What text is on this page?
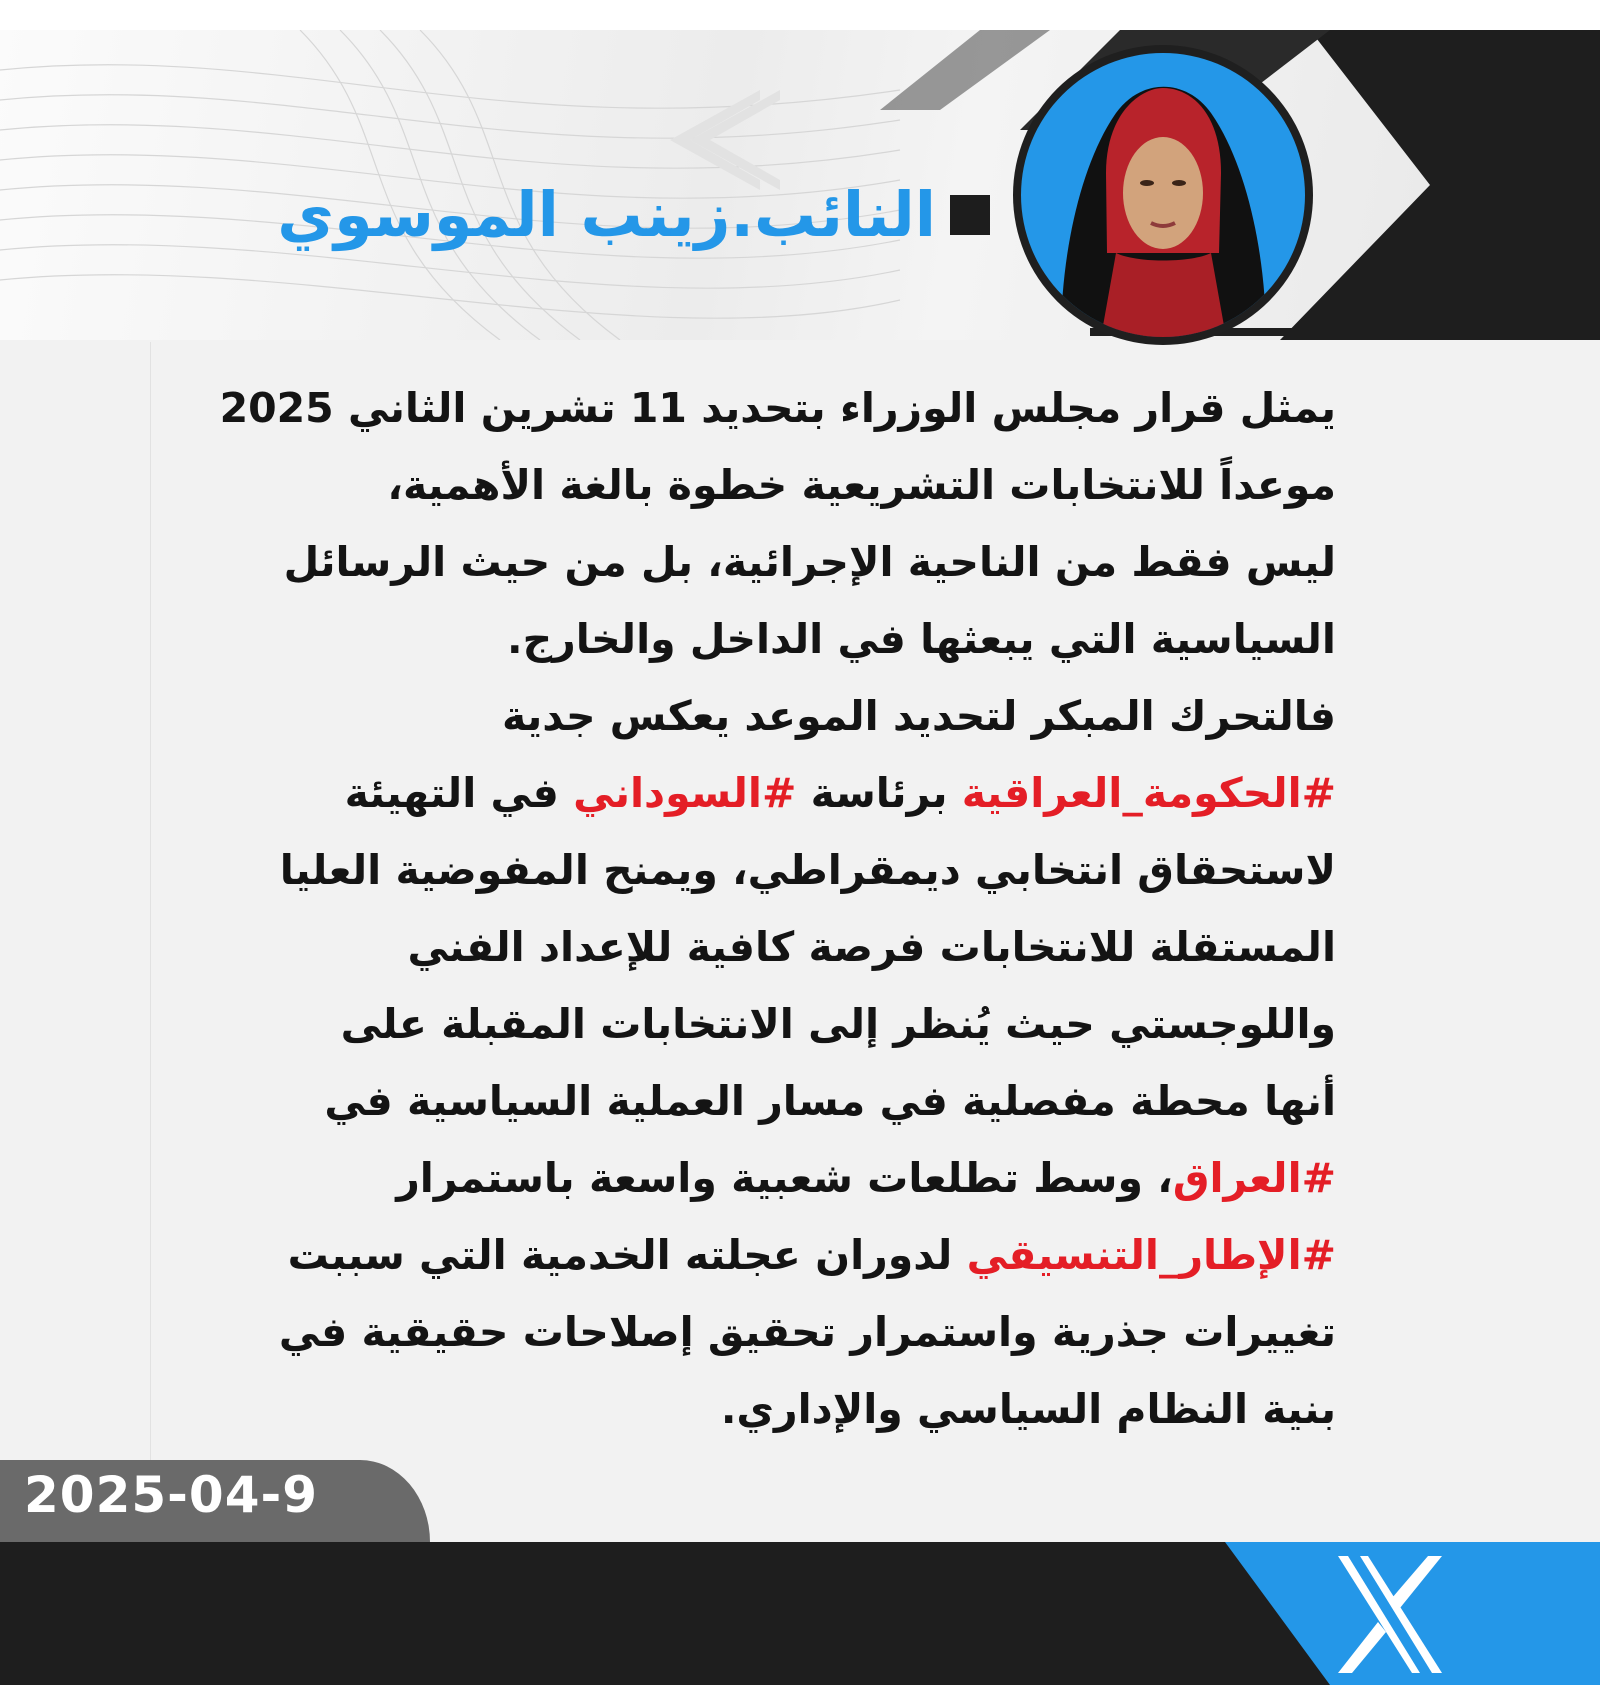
النائب.زينب الموسوي

يمثل قرار مجلس الوزراء بتحديد 11 تشرين الثاني 2025
موعداً للانتخابات التشريعية خطوة بالغة الأهمية،
ليس فقط من الناحية الإجرائية، بل من حيث الرسائل
السياسية التي يبعثها في الداخل والخارج.
فالتحرك المبكر لتحديد الموعد يعكس جدية
#الحكومة_العراقية برئاسة #السوداني في التهيئة
لاستحقاق انتخابي ديمقراطي، ويمنح المفوضية العليا
المستقلة للانتخابات فرصة كافية للإعداد الفني
واللوجستي حيث يُنظر إلى الانتخابات المقبلة على
أنها محطة مفصلية في مسار العملية السياسية في
#العراق، وسط تطلعات شعبية واسعة باستمرار
#الإطار_التنسيقي لدوران عجلته الخدمية التي سببت
تغييرات جذرية واستمرار تحقيق إصلاحات حقيقية في
بنية النظام السياسي والإداري.

2025-04-9
